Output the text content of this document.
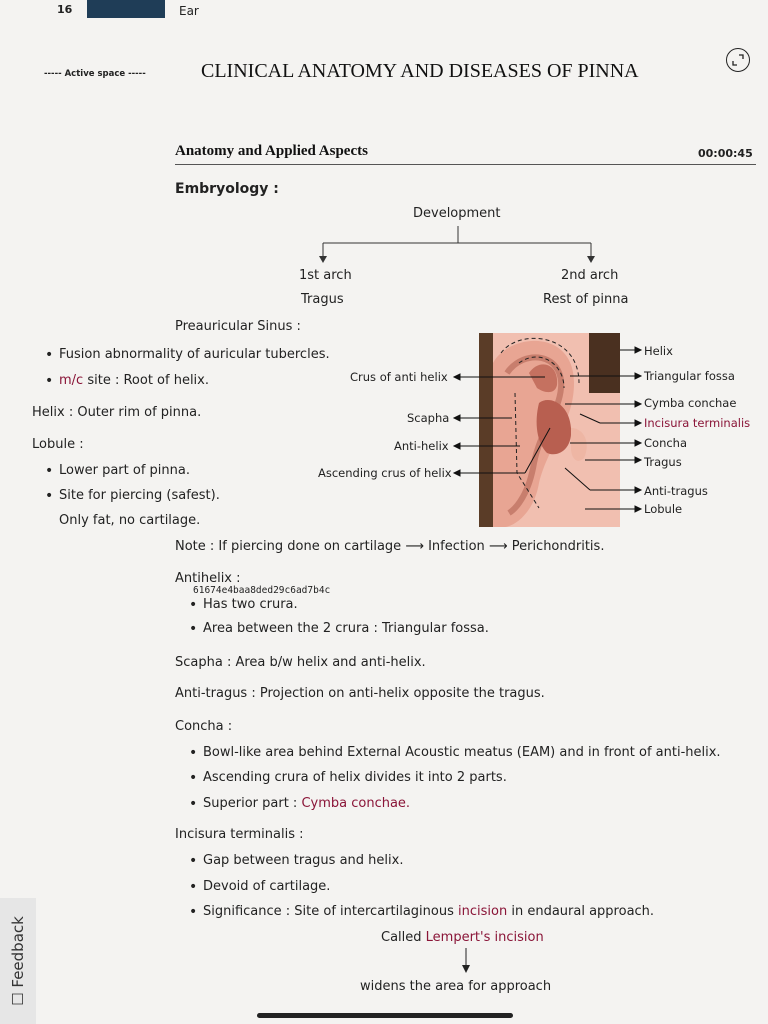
16	Ear
----- Active space -----	CLINICAL ANATOMY AND DISEASES OF PINNA
Anatomy and Applied Aspects	00:00:45
Embryology :
Development
1st arch
Tragus
2nd arch
Rest of pinna
Preauricular Sinus :
• Fusion abnormality of auricular tubercles.
• m/c site : Root of helix.
Helix : Outer rim of pinna.
Lobule :
• Lower part of pinna.
• Site for piercing (safest).
Only fat, no cartilage.
Crus of anti helix
Scapha
Anti-helix
Ascending crus of helix
Helix
Triangular fossa
Cymba conchae
Incisura terminalis
Concha
Tragus
Anti-tragus
Lobule
Note : If piercing done on cartilage ⟶ Infection ⟶ Perichondritis.
Antihelix :
61674e4baa8ded29c6ad7b4c
• Has two crura.
• Area between the 2 crura : Triangular fossa.
Scapha : Area b/w helix and anti-helix.
Anti-tragus : Projection on anti-helix opposite the tragus.
Concha :
• Bowl-like area behind External Acoustic meatus (EAM) and in front of anti-helix.
• Ascending crura of helix divides it into 2 parts.
• Superior part : Cymba conchae.
Incisura terminalis :
• Gap between tragus and helix.
• Devoid of cartilage.
• Significance : Site of intercartilaginous incision in endaural approach.
Called Lempert's incision
widens the area for approach
☐ Feedback
